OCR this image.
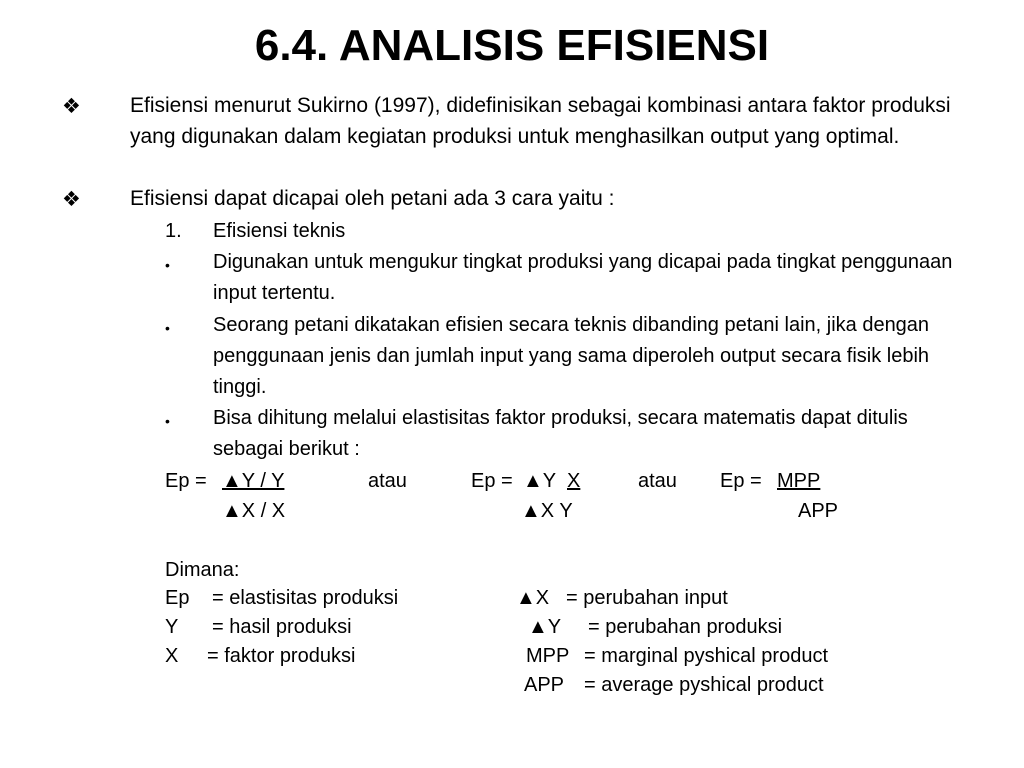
6.4. ANALISIS EFISIENSI
❖	Efisiensi menurut Sukirno (1997), didefinisikan sebagai kombinasi antara faktor produksi yang digunakan dalam kegiatan produksi untuk menghasilkan output yang optimal.
❖	Efisiensi dapat dicapai oleh petani ada 3 cara yaitu :
1. Efisiensi teknis
• Digunakan untuk mengukur tingkat produksi yang dicapai pada tingkat penggunaan input tertentu.
• Seorang petani dikatakan efisien secara teknis dibanding petani lain, jika dengan penggunaan jenis dan jumlah input yang sama diperoleh output secara fisik lebih tinggi.
• Bisa dihitung melalui elastisitas faktor produksi, secara matematis dapat ditulis sebagai berikut :
Ep = ▲Y / Y
▲X / X
atau	Ep = ▲Y X
▲X Y
atau Ep = MPP
APP
Dimana:
Ep = elastisitas produksi
Y = hasil produksi
X = faktor produksi
▲X = perubahan input
▲Y = perubahan produksi
MPP = marginal pyshical product
APP = average pyshical product
